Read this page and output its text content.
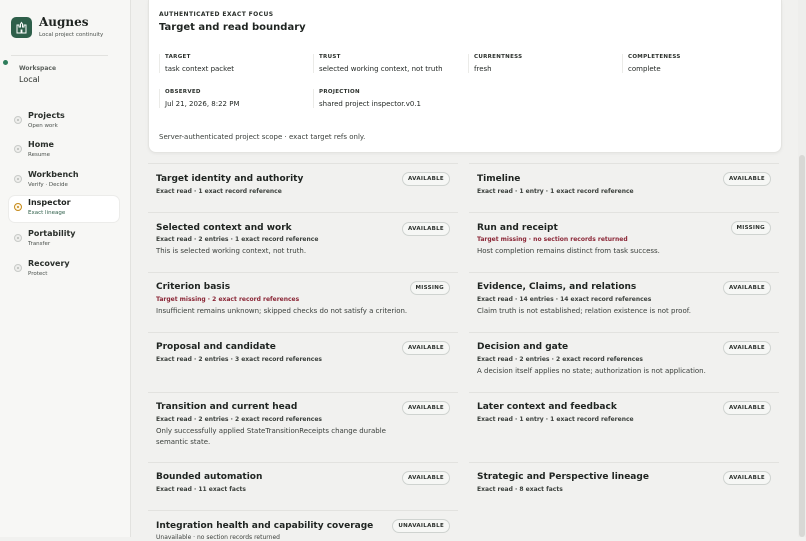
Augnes
Local project continuity
Workspace
Local
Projects
Open work
Home
Resume
Workbench
Verify · Decide
Inspector
Exact lineage
Portability
Transfer
Recovery
Protect
Target identity and authority
Exact read · 1 exact record reference
AVAILABLE	Timeline
Exact read · 1 entry · 1 exact record reference
AVAILABLE
Selected context and work
Exact read · 2 entries · 1 exact record reference
This is selected working context, not truth.
AVAILABLE	Run and receipt
Target missing · no section records returned
Host completion remains distinct from task success.
MISSING
Criterion basis
Target missing · 2 exact record references
Insufficient remains unknown; skipped checks do not satisfy a criterion.
MISSING	Evidence, Claims, and relations
Exact read · 14 entries · 14 exact record references
Claim truth is not established; relation existence is not proof.
AVAILABLE
Proposal and candidate
Exact read · 2 entries · 3 exact record references
AVAILABLE	Decision and gate
Exact read · 2 entries · 2 exact record references
A decision itself applies no state; authorization is not application.
AVAILABLE
Transition and current head
Exact read · 2 entries · 2 exact record references
Only successfully applied StateTransitionReceipts change durable semantic state.
AVAILABLE	Later context and feedback
Exact read · 1 entry · 1 exact record reference
AVAILABLE
Bounded automation
Exact read · 11 exact facts
AVAILABLE	Strategic and Perspective lineage
Exact read · 8 exact facts
AVAILABLE
Integration health and capability coverage
Unavailable · no section records returned
UNAVAILABLE
AUTHENTICATED EXACT FOCUS
Target and read boundary
TARGET
task context packet
TRUST
selected working context, not truth
CURRENTNESS
fresh
COMPLETENESS
complete
OBSERVED
Jul 21, 2026, 8:22 PM
PROJECTION
shared project inspector.v0.1
Server-authenticated project scope · exact target refs only.
